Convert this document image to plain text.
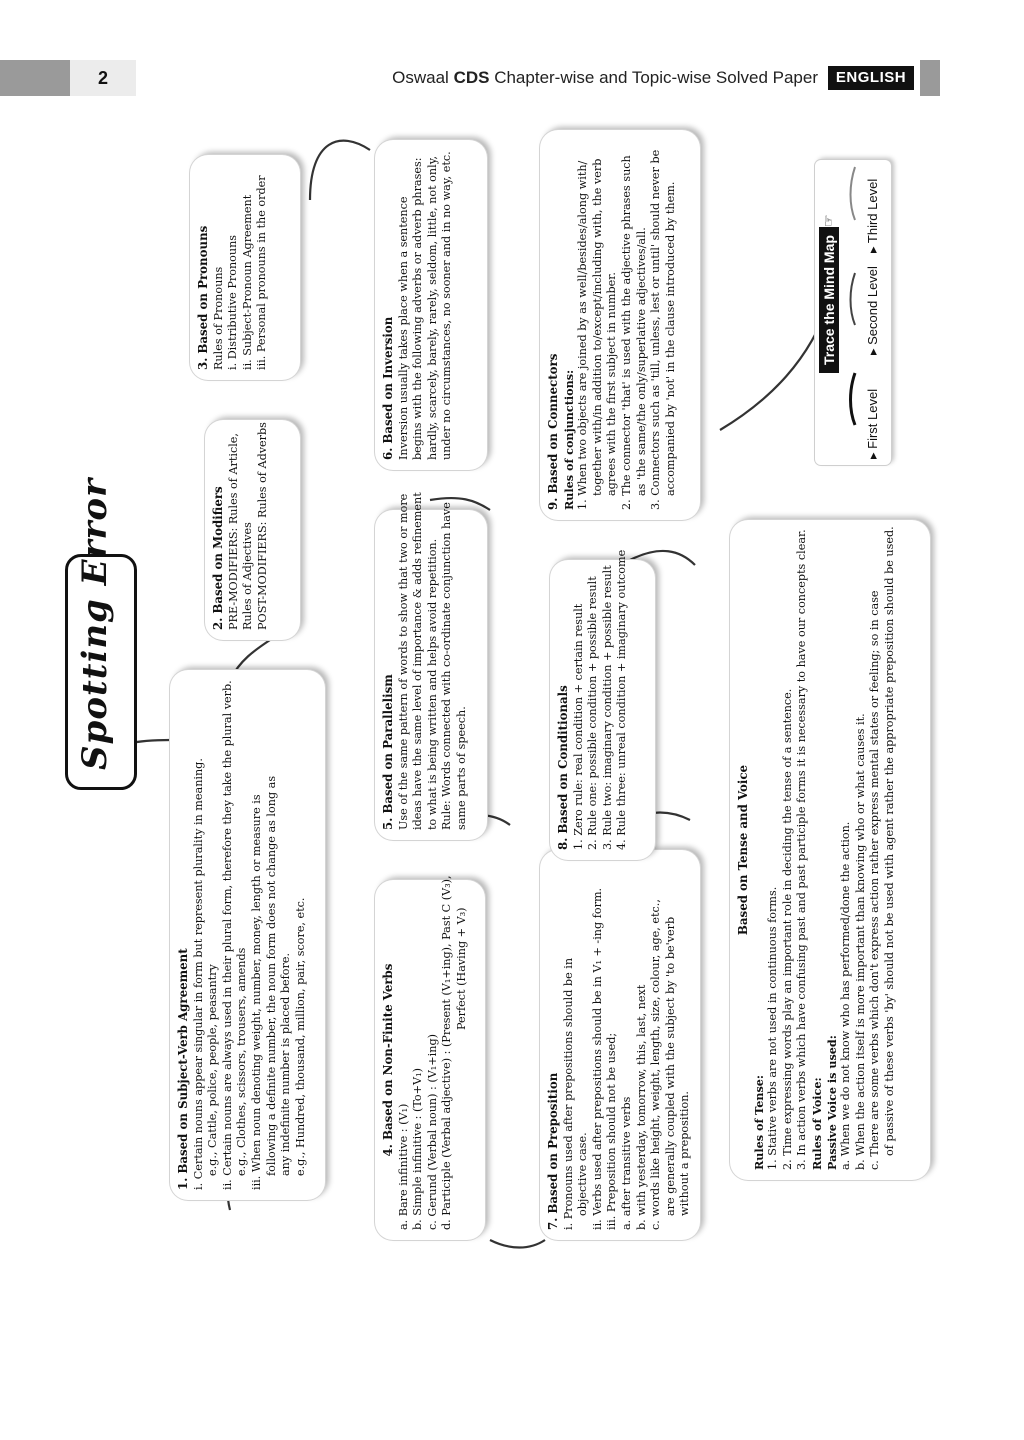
2	Oswaal CDS Chapter-wise and Topic-wise Solved Paper	ENGLISH
Spotting Error
1. Based on Subject-Verb Agreement i. Certain nouns appear singular in form but represent plurality in meaning. e.g., Cattle, police, people, peasantry ii. Certain nouns are always used in their plural form, therefore they take the plural verb. e.g., Clothes, scissors, trousers, amends iii. When noun denoting weight, number, money, length or measure is following a definite number, the noun form does not change as long as any indefinite number is placed before. e.g., Hundred, thousand, million, pair, score, etc.
2. Based on Modifiers PRE-MODIFIERS: Rules of Article, Rules of Adjectives POST-MODIFIERS: Rules of Adverbs
3. Based on Pronouns Rules of Pronouns i. Distributive Pronouns ii. Subject-Pronoun Agreement iii. Personal pronouns in the order
4. Based on Non-Finite Verbs
a. Bare infinitive : (V₁) b. Simple infinitive : (To+V₁) c. Gerund (Verbal noun) : (V₁+ing) d. Participle (Verbal adjective) : (Present (V₁+ing), Past C (V₃), Perfect (Having + V₃)
5. Based on Parallelism Use of the same pattern of words to show that two or more ideas have the same level of importance & adds refinement to what is being written and helps avoid repetition. Rule: Words connected with co-ordinate conjunction have same parts of speech.
6. Based on Inversion Inversion usually takes place when a sentence begins with the following adverbs or adverb phrases: hardly, scarcely, barely, rarely, seldom, little, not only, under no circumstances, no sooner and in no way, etc.
7. Based on Preposition i. Pronouns used after prepositions should be in objective case. ii. Verbs used after prepositions should be in V₁ + -ing form. iii. Preposition should not be used; a. after transitive verbs b. with yesterday, tomorrow, this, last, next c. words like height, weight, length, size, colour, age, etc., are generally coupled with the subject by 'to be'verb without a preposition.
8. Based on Conditionals 1. Zero rule: real condition + certain result 2. Rule one: possible condition + possible result 3. Rule two: imaginary condition + possible result 4. Rule three: unreal condition + imaginary outcome
9. Based on Connectors Rules of conjunctions: 1. When two objects are joined by as well/besides/along with/ together with/in addition to/except/including with, the verb agrees with the first subject in number. 2. The connector 'that' is used with the adjective phrases such as 'the same/the only/superlative adjectives/all. 3. Connectors such as 'till, unless, lest or until' should never be accompanied by 'not' in the clause introduced by them.
Based on Tense and Voice
Rules of Tense: 1. Stative verbs are not used in continuous forms. 2. Time expressing words play an important role in deciding the tense of a sentence. 3. In action verbs which have confusing past and past participle forms it is necessary to have our concepts clear. Rules of Voice: Passive Voice is used: a. When we do not know who has performed/done the action. b. When the action itself is more important than knowing who or what causes it. c. There are some verbs which don't express action rather express mental states or feeling; so in case of passive of these verbs 'by' should not be used with agent rather the appropriate preposition should be used.
Trace the Mind Map
☞
▸ First Level
▸ Second Level
▸ Third Level
